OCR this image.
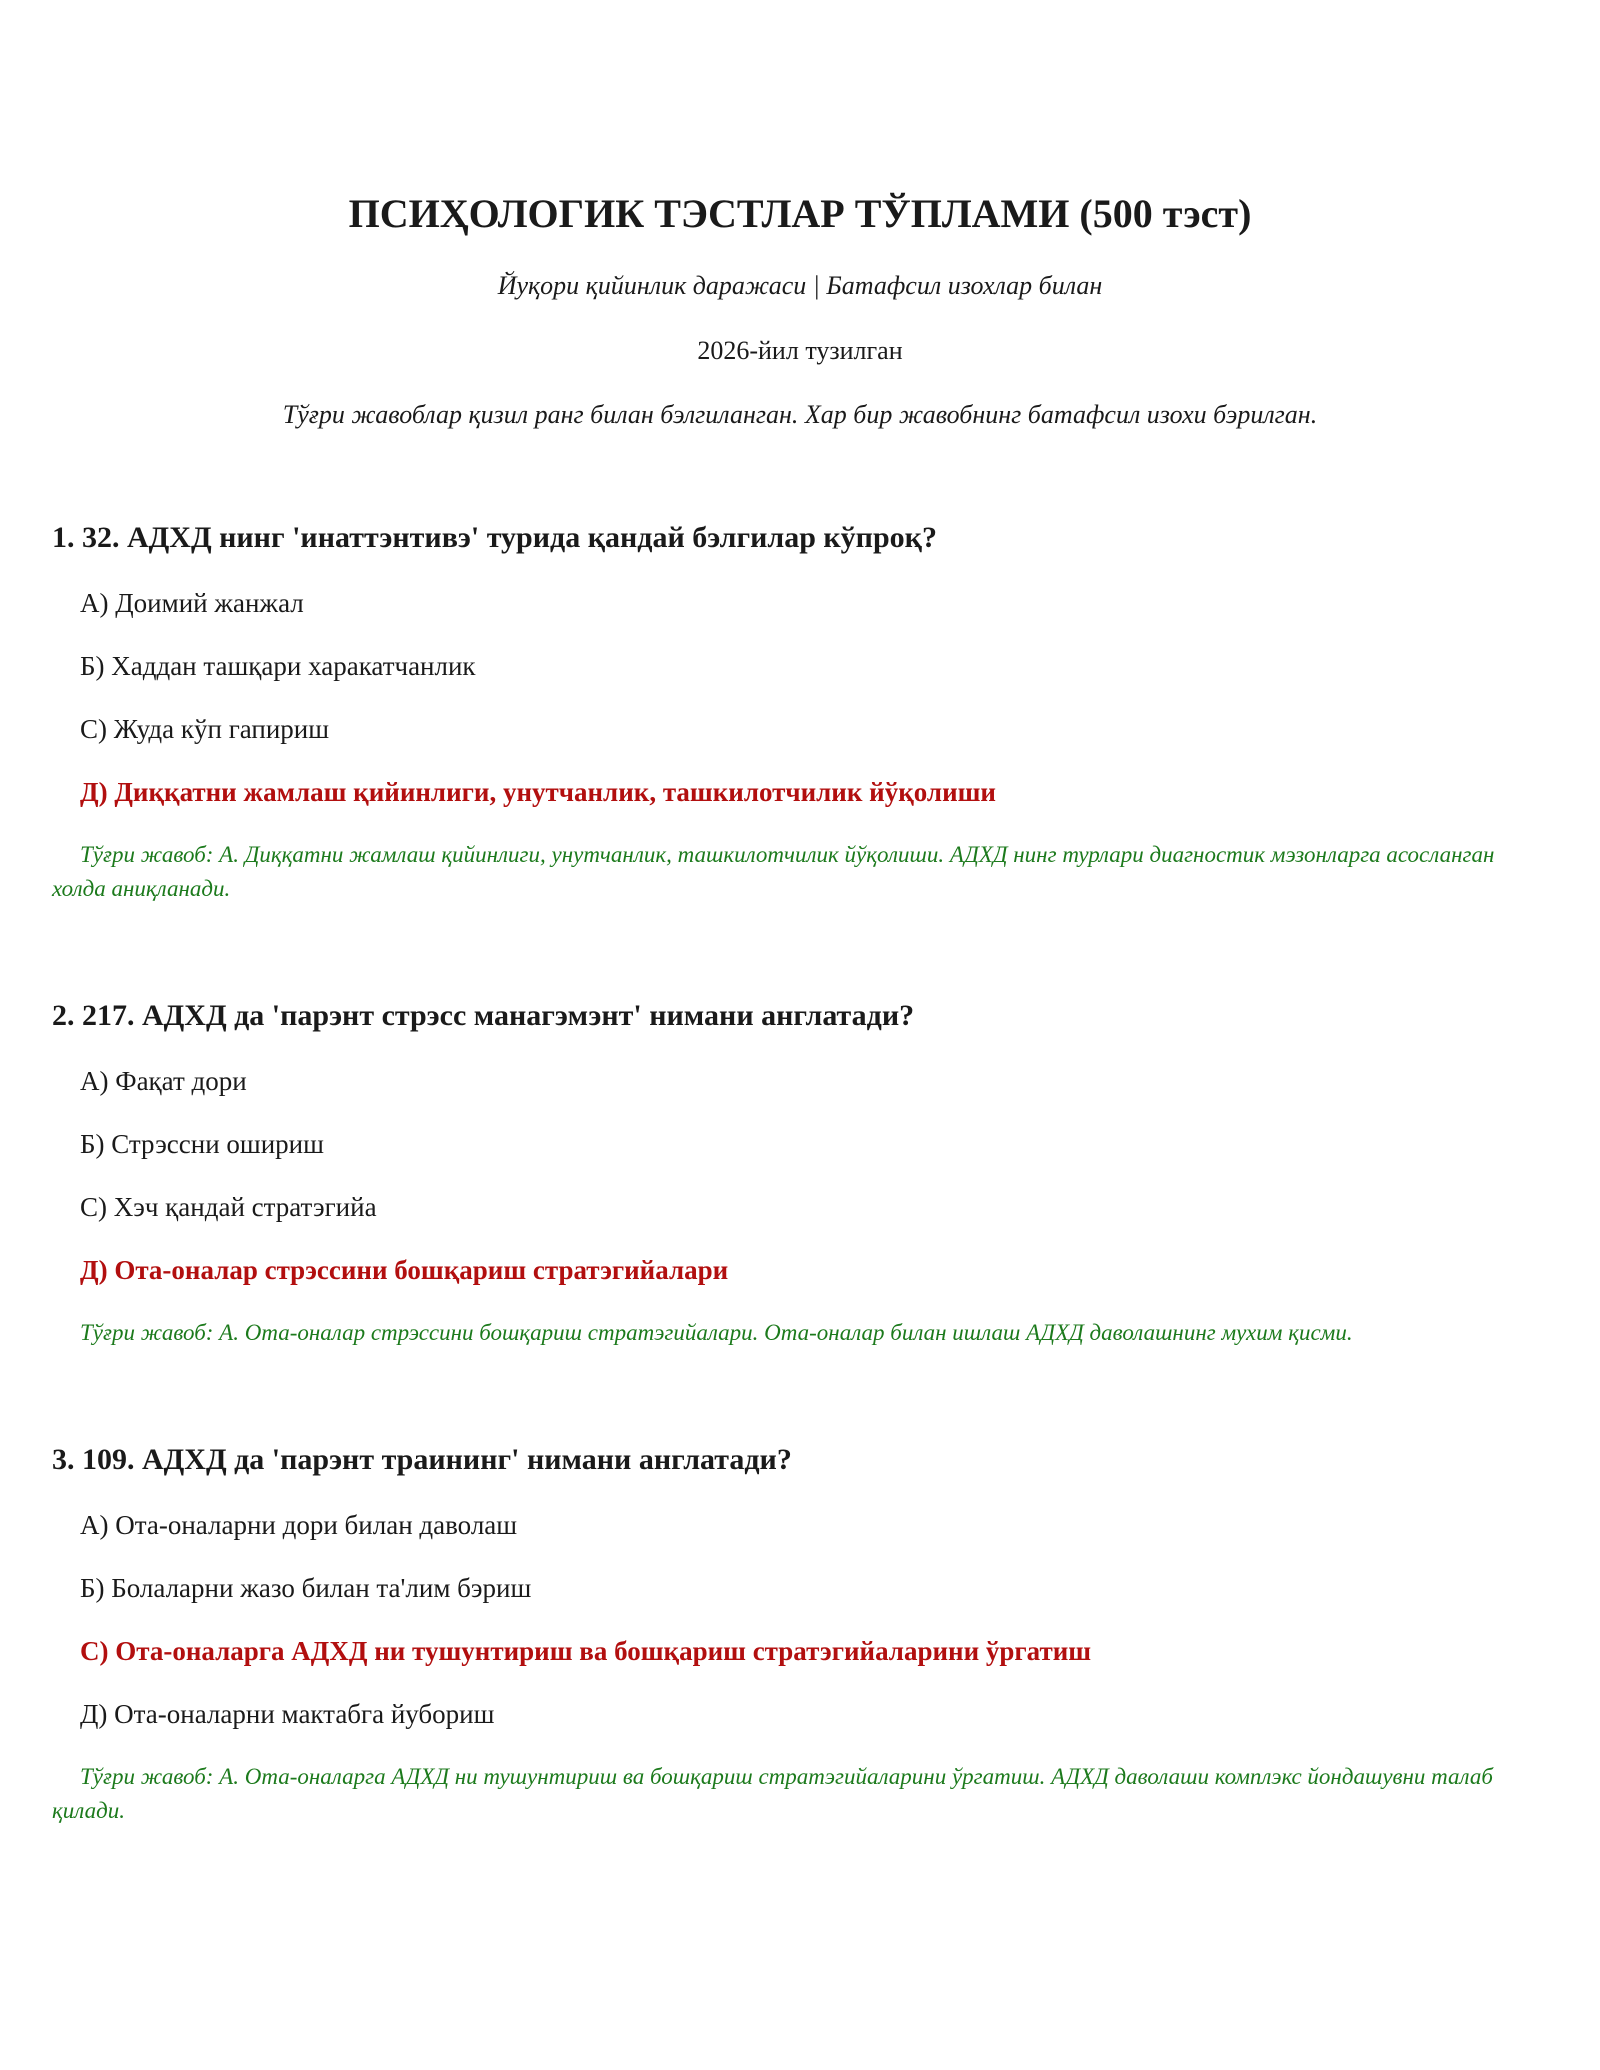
ПСИҲОЛОГИК ТЭСТЛАР ТЎПЛАМИ (500 тэст)
Йуқори қийинлик даражаси | Батафсил изохлар билан
2026-йил тузилган
Тўғри жавоблар қизил ранг билан бэлгиланган. Хар бир жавобнинг батафсил изохи бэрилган.
1. 32. АДХД нинг 'инаттэнтивэ' турида қандай бэлгилар кўпроқ?
А) Доимий жанжал
Б) Хаддан ташқари харакатчанлик
С) Жуда кўп гапириш
Д) Диққатни жамлаш қийинлиги, унутчанлик, ташкилотчилик йўқолиши
Тўғри жавоб: А. Диққатни жамлаш қийинлиги, унутчанлик, ташкилотчилик йўқолиши. АДХД нинг турлари диагностик мэзонларга асосланган холда аниқланади.
2. 217. АДХД да 'парэнт стрэсс манагэмэнт' нимани англатади?
А) Фақат дори
Б) Стрэссни ошириш
С) Хэч қандай стратэгийа
Д) Ота-оналар стрэссини бошқариш стратэгийалари
Тўғри жавоб: А. Ота-оналар стрэссини бошқариш стратэгийалари. Ота-оналар билан ишлаш АДХД даволашнинг мухим қисми.
3. 109. АДХД да 'парэнт траининг' нимани англатади?
А) Ота-оналарни дори билан даволаш
Б) Болаларни жазо билан та'лим бэриш
С) Ота-оналарга АДХД ни тушунтириш ва бошқариш стратэгийаларини ўргатиш
Д) Ота-оналарни мактабга йубориш
Тўғри жавоб: А. Ота-оналарга АДХД ни тушунтириш ва бошқариш стратэгийаларини ўргатиш. АДХД даволаши комплэкс йондашувни талаб қилади.
